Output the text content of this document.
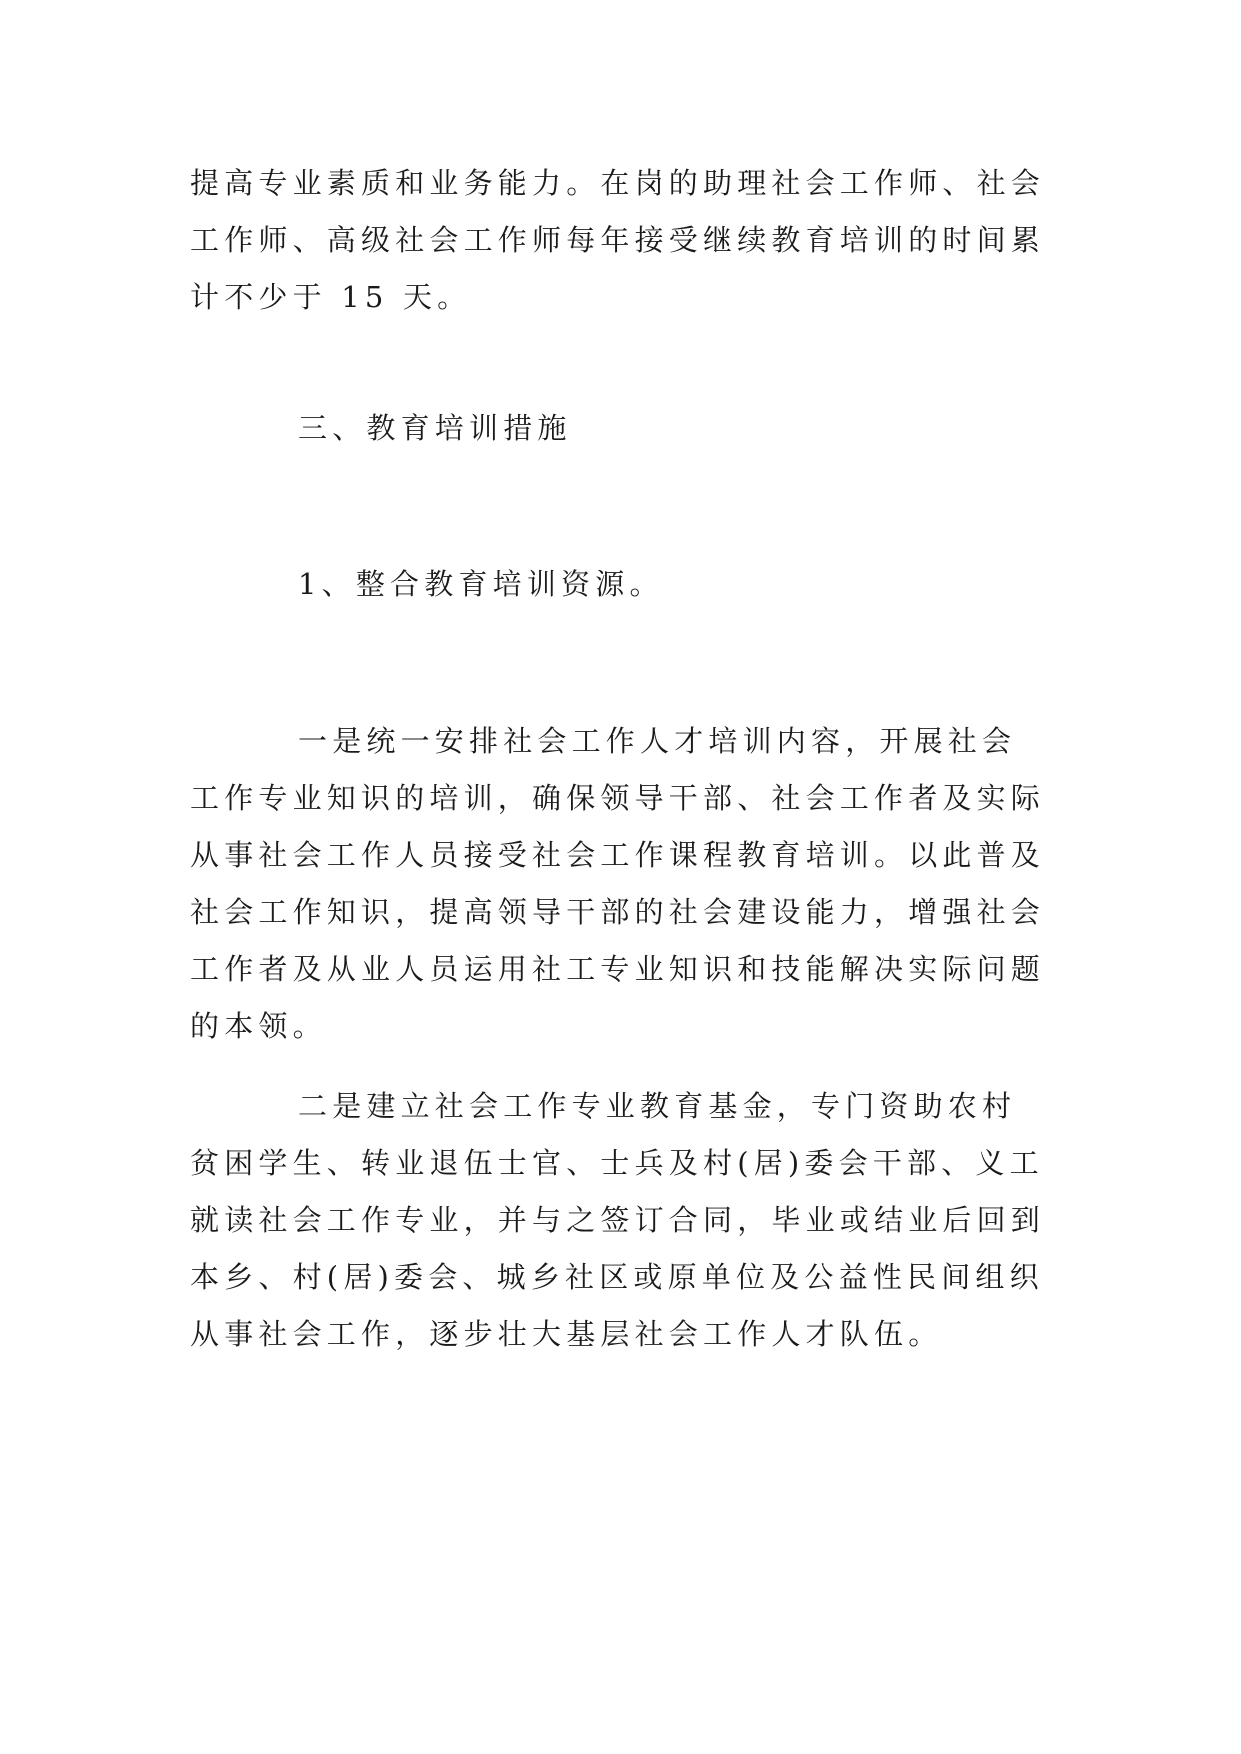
提高专业素质和业务能力。在岗的助理社会工作师、社会工作师、高级社会工作师每年接受继续教育培训的时间累计不少于 15 天。

三、教育培训措施

1、整合教育培训资源。

一是统一安排社会工作人才培训内容，开展社会工作专业知识的培训，确保领导干部、社会工作者及实际从事社会工作人员接受社会工作课程教育培训。以此普及社会工作知识，提高领导干部的社会建设能力，增强社会工作者及从业人员运用社工专业知识和技能解决实际问题的本领。

二是建立社会工作专业教育基金，专门资助农村贫困学生、转业退伍士官、士兵及村(居)委会干部、义工就读社会工作专业，并与之签订合同，毕业或结业后回到本乡、村(居)委会、城乡社区或原单位及公益性民间组织从事社会工作，逐步壮大基层社会工作人才队伍。
